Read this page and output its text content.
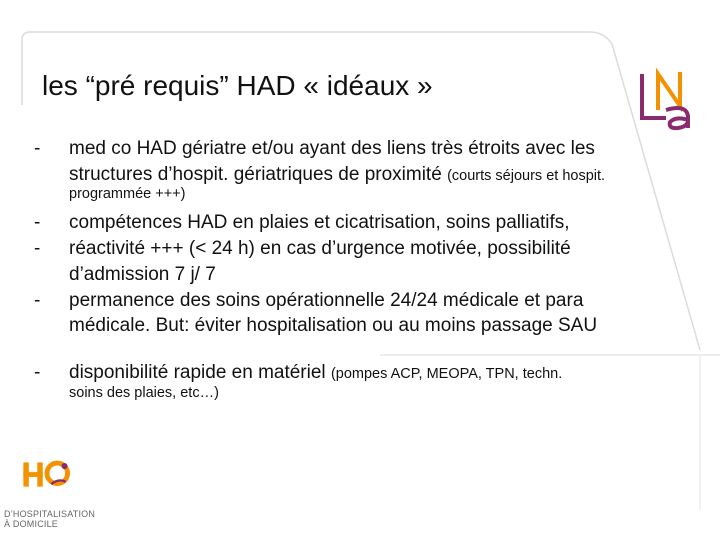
les “pré requis” HAD « idéaux »
- med co HAD gériatre et/ou ayant des liens très étroits avec les
structures d’hospit. gériatriques de proximité (courts séjours et hospit.
programmée +++)
- compétences HAD en plaies et cicatrisation, soins palliatifs,
- réactivité +++ (< 24 h) en cas d’urgence motivée, possibilité
d’admission 7 j/ 7
- permanence des soins opérationnelle 24/24 médicale et para
médicale. But: éviter hospitalisation ou au moins passage SAU
- disponibilité rapide en matériel (pompes ACP, MEOPA, TPN, techn.
soins des plaies, etc…)

D’HOSPITALISATION
À DOMICILE
